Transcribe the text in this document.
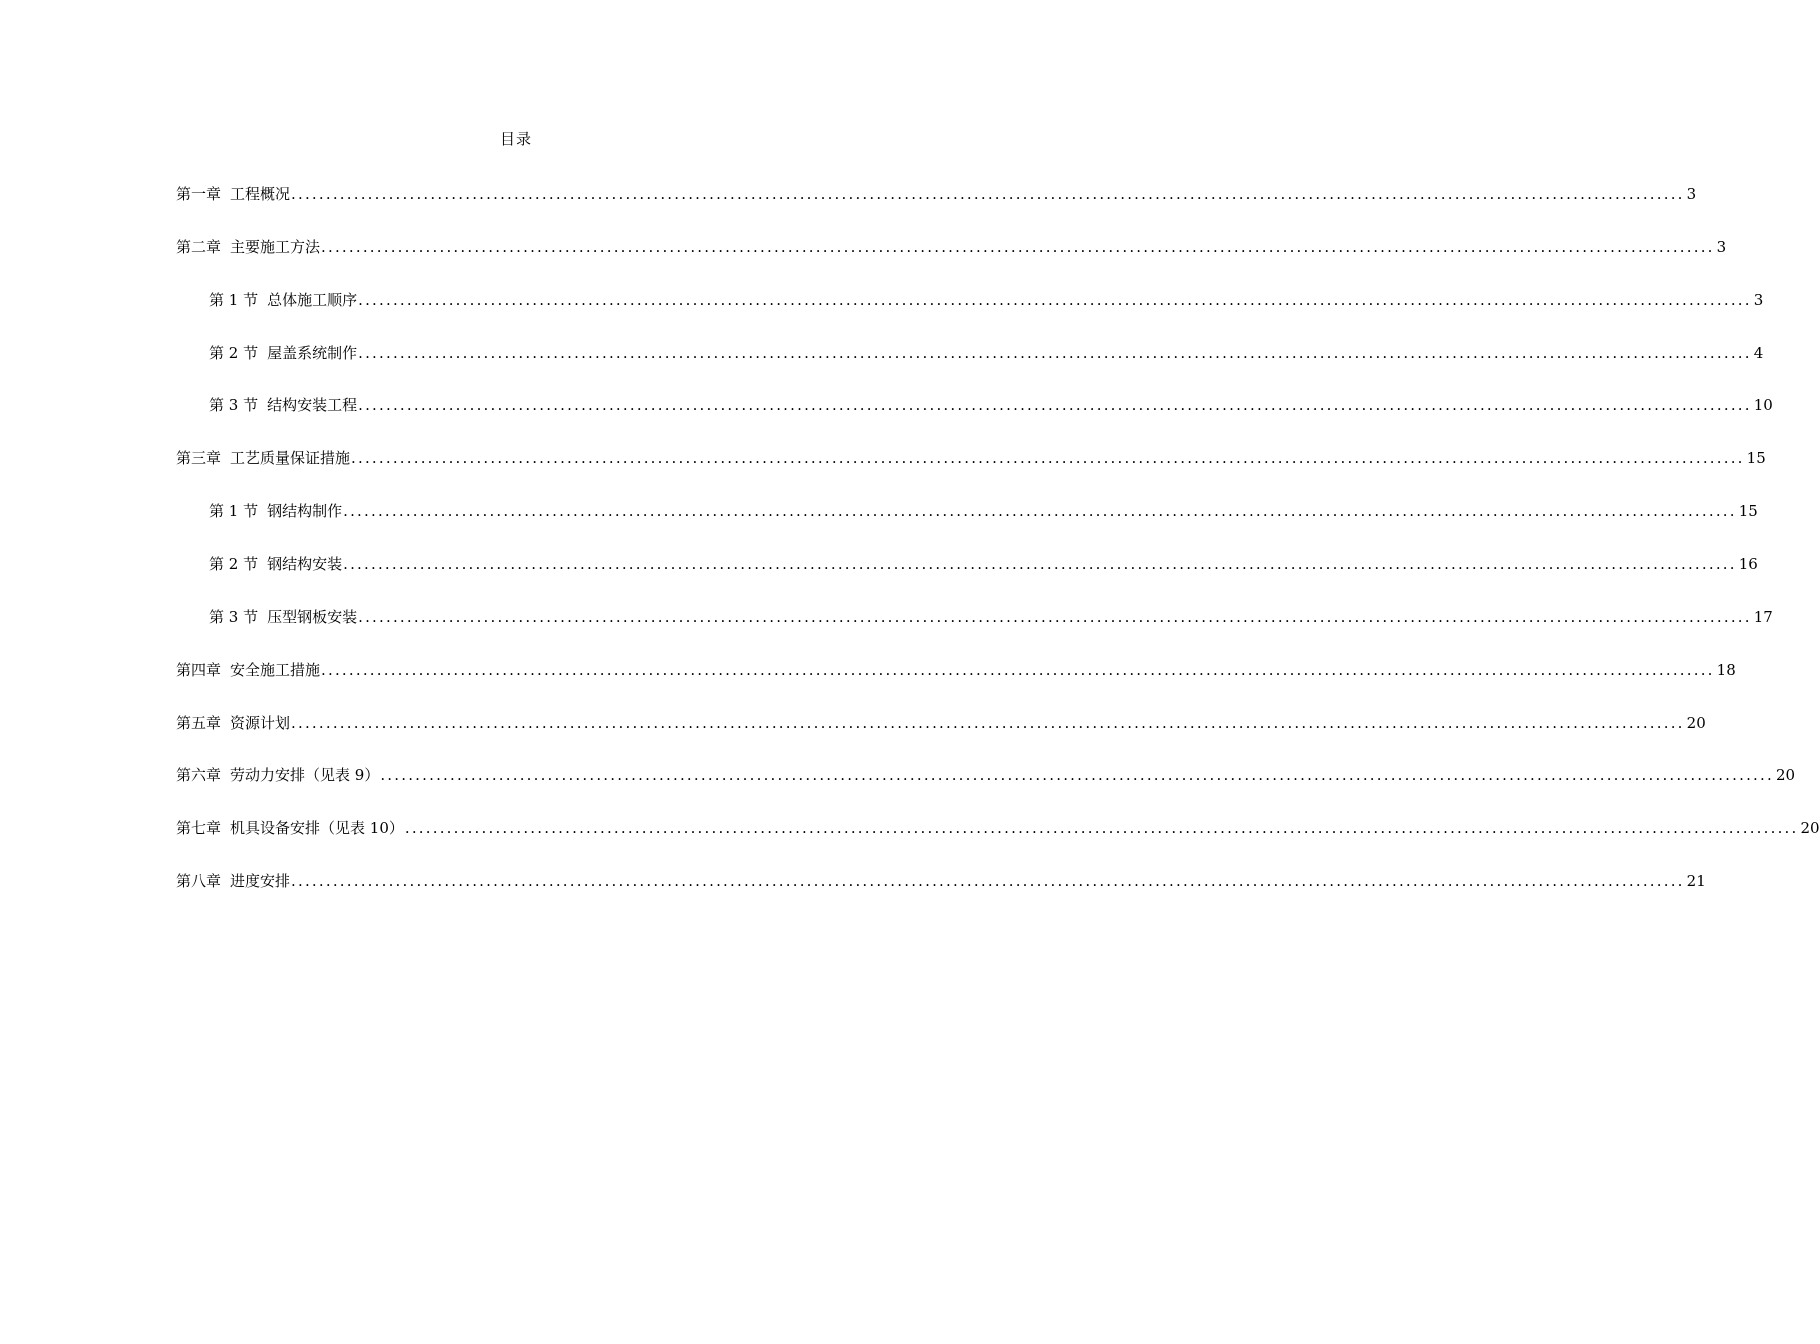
目录
第一章 工程概况 ........................................................................................................................................................................................................ 3
第二章 主要施工方法 ........................................................................................................................................................................................................ 3
第 1 节 总体施工顺序 ........................................................................................................................................................................................................ 3
第 2 节 屋盖系统制作 ........................................................................................................................................................................................................ 4
第 3 节 结构安装工程 ........................................................................................................................................................................................................ 10
第三章 工艺质量保证措施 ........................................................................................................................................................................................................ 15
第 1 节 钢结构制作 ........................................................................................................................................................................................................ 15
第 2 节 钢结构安装 ........................................................................................................................................................................................................ 16
第 3 节 压型钢板安装 ........................................................................................................................................................................................................ 17
第四章 安全施工措施 ........................................................................................................................................................................................................ 18
第五章 资源计划 ........................................................................................................................................................................................................ 20
第六章 劳动力安排（见表 9） ........................................................................................................................................................................................................ 20
第七章 机具设备安排（见表 10） ........................................................................................................................................................................................................ 20
第八章 进度安排 ........................................................................................................................................................................................................ 21
